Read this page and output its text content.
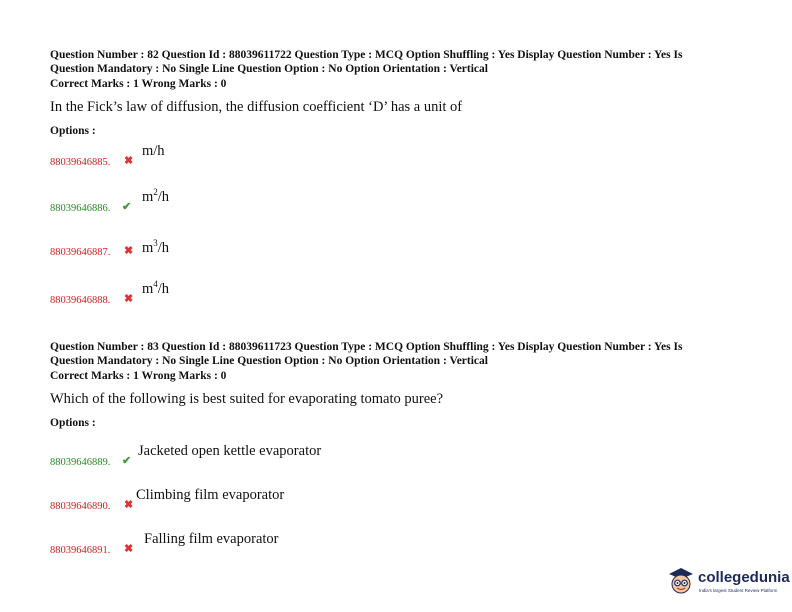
Question Number : 82 Question Id : 88039611722 Question Type : MCQ Option Shuffling : Yes Display Question Number : Yes Is
Question Mandatory : No Single Line Question Option : No Option Orientation : Vertical
Correct Marks : 1 Wrong Marks : 0
In the Fick’s law of diffusion, the diffusion coefficient ‘D’ has a unit of
Options :
88039646885. ✖
m/h
88039646886. ✔
$m^2/h$
88039646887. ✖ $m^3/h$
88039646888. ✖
$m^4/h$
Question Number : 83 Question Id : 88039611723 Question Type : MCQ Option Shuffling : Yes Display Question Number : Yes Is
Question Mandatory : No Single Line Question Option : No Option Orientation : Vertical
Correct Marks : 1 Wrong Marks : 0
Which of the following is best suited for evaporating tomato puree?
Options :
88039646889. ✔
Jacketed open kettle evaporator
88039646890. ✖
Climbing film evaporator
88039646891. ✖
Falling film evaporator
collegedunia
India's largest Student Review Platform
